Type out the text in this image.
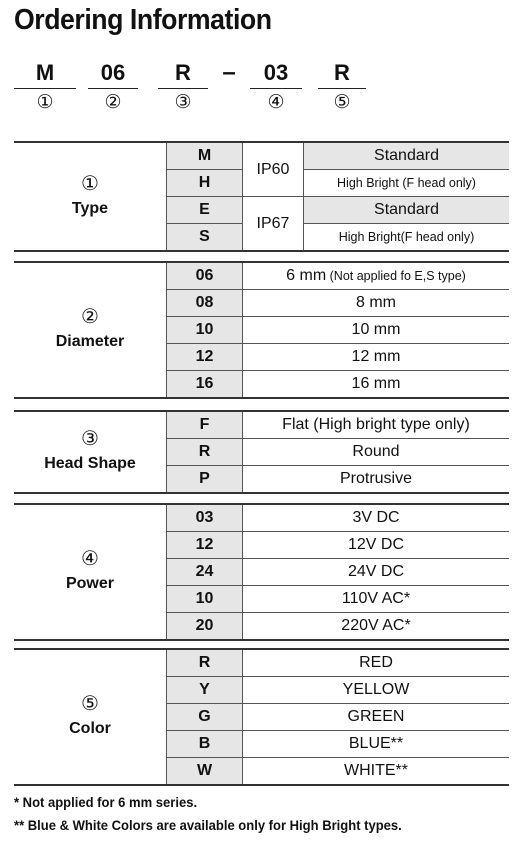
Ordering Information
M
①
06
②
R
③
–	03
④
R
⑤
①
Type	M	IP60	Standard
	H		High Bright (F head only)
	E	IP67	Standard
	S		High Bright(F head only)
②
Diameter	06	6 mm (Not applied fo E,S type)
	08	8 mm
	10	10 mm
	12	12 mm
	16	16 mm
③
Head Shape	F	Flat (High bright type only)
	R	Round
	P	Protrusive
④
Power	03	3V DC
	12	12V DC
	24	24V DC
	10	110V AC*
	20	220V AC*
⑤
Color	R	RED
	Y	YELLOW
	G	GREEN
	B	BLUE**
	W	WHITE**
* Not applied for 6 mm series.
** Blue & White Colors are available only for High Bright types.
